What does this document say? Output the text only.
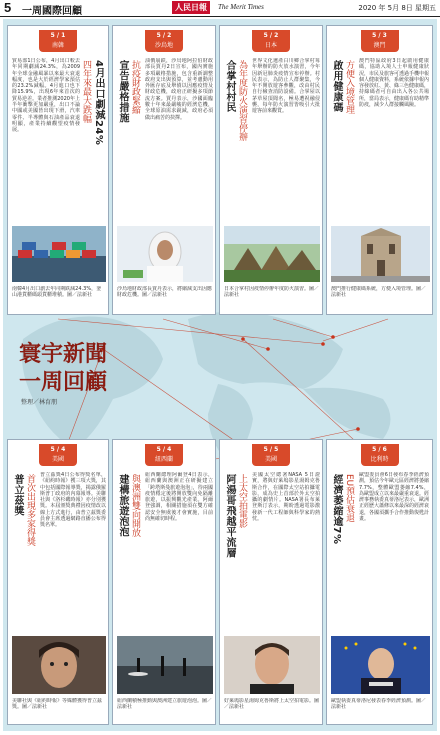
5 一周國際回顧	人民日報	The Merit Times	2020 年 5月 8日 星期五
寰宇新聞
一周回顧
整理／林育朋
5 / 1
南韓
4月出口劇減24%
四年來最大跌幅
貿易部1日公布，4月出口較去年同期劇減24.3%，為2009年全球金融風暴以來最大衰退幅度，也是大於經濟學家預估的23.2%減幅。4月進口也下降15.9%，出現6年來首次的貿易逆差。業者推測2020年上半年衝擊更加嚴重，出口不論中國或美國皆出現下滑，汽車零件、半導體與石油產品衰退明顯，產業持續觀望疫情發展。
南韓4月出口創去年同期跌減24.3%，釜山港貨櫃碼頭貨櫃堆積。圖／法新社
5 / 2
沙烏地
宣告嚴格措施 抗疫財政緊縮 油價崩跌，沙烏地阿拉伯財政部長賈丹2日宣布，國內實施多項嚴格措施，包含重新調整政府支出與預算，並考慮動用外匯存底及舉債以因應疫情及財政危機，政府正研擬多項節流方案。賈丹表示，沙國面臨數十年來最嚴峻的經濟危機，全球原油需求銳減，政府必須做出痛苦的抉擇。
沙烏地財政部長賈丹表示，將縮減支出因應財政危機。圖／法新社
5 / 2
日本
合掌村村民 為年度防火演習停辦 世界文化遺產白川鄉合掌村每年舉辦的防火放水演習，今年因新冠肺炎疫情宣布停辦。村民表示，為防止人群聚集，今年不開放遊客參觀，改由村民自行檢查消防設備。合掌屋以茅草屋頂聞名，極易遭祝融侵襲，每年防火演習皆吸引大批遊客前來觀賞。
日本合掌村因疫情停辦年度防火演習。圖／法新社
5 / 3
澳門
啟用健康碼 方便入境管理 澳門特區政府3日起啟用健康碼，協助入境人士申報健康狀況，市民及旅客可透過手機申報個人健康資料，系統依據申報內容發放紅、黃、綠三色健康碼，持綠碼者可自由出入各公共場所，當局表示，健康碼有助精準防疫，減少人群接觸風險。
澳門推行健康碼系統，方便入境管理。圖／法新社
5 / 4
美國
普立茲獎 首次出現多家得獎 普立茲獎4日公布得獎名單，《紐約時報》獲三項大獎，其中包括國際報導獎，揭露俄羅斯普丁政府的內幕報導。美聯社與《洛杉磯時報》亦分別獲獎。本屆頒獎典禮因疫情改以線上方式進行，由普立茲獎委員會主席透過網路直播公布得獎名單。
美聯社與《紐約時報》等媒體獲得普立茲獎。圖／法新社
5 / 4
紐西蘭
建構旅遊泡泡 與澳洲雙向開放 紐西蘭總理阿爾登4日表示，紐西蘭與澳洲正在研擬建立「跨塔斯曼旅遊泡泡」，待兩國疫情穩定後將開放雙向免隔離旅遊，以振興觀光產業。阿爾登強調，相關措施須在雙方確認安全無虞後才會實施，目前尚無確切時程。
紐西蘭積極推動與澳洲建立旅遊泡泡。圖／法新社
5 / 5
美國
阿湯哥飛越平流層 上太空拍電影 美國太空總署NASA 5日證實，將與好萊塢影星湯姆克魯斯合作，在國際太空站拍攝電影，成為史上首部於外太空拍攝的劇情片。NASA署長布萊登斯汀表示，期盼透過電影激發新一代工程師與科學家的熱忱。
好萊塢影星湯姆克魯斯將上太空拍電影。圖／法新社
5 / 6
比利時
經濟萎縮逾7% EU預估衰退 歐盟委員會6日發布春季經濟預測，預估今年歐元區經濟將萎縮7.7%，整體歐盟萎縮7.4%，為歐盟成立以來最嚴重衰退。經濟事務執委真蒂洛尼表示，歐洲正經歷大蕭條以來最深的經濟衰退，各國須攜手合作推動復甦計畫。
歐盟執委真蒂洛尼發表春季經濟預測。圖／法新社
